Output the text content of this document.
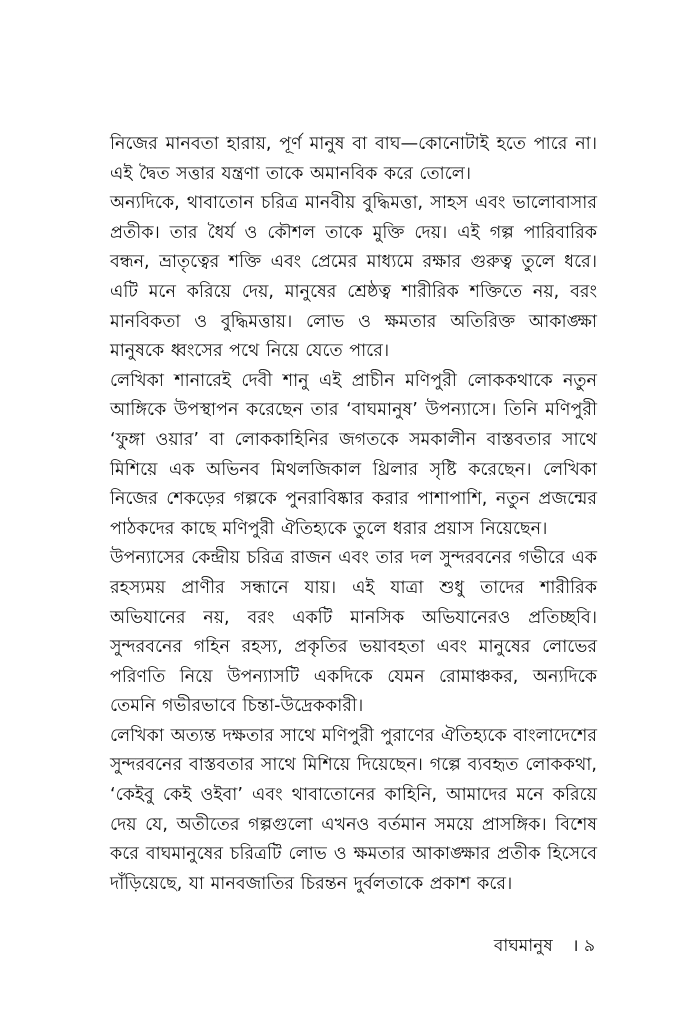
নিজের মানবতা হারায়, পূর্ণ মানুষ বা বাঘ—কোনোটাই হতে পারে না। এই দ্বৈত সত্তার যন্ত্রণা তাকে অমানবিক করে তোলে।

অন্যদিকে, থাবাতোন চরিত্র মানবীয় বুদ্ধিমত্তা, সাহস এবং ভালোবাসার প্রতীক। তার ধৈর্য ও কৌশল তাকে মুক্তি দেয়। এই গল্প পারিবারিক বন্ধন, ভ্রাতৃত্বের শক্তি এবং প্রেমের মাধ্যমে রক্ষার গুরুত্ব তুলে ধরে। এটি মনে করিয়ে দেয়, মানুষের শ্রেষ্ঠত্ব শারীরিক শক্তিতে নয়, বরং মানবিকতা ও বুদ্ধিমত্তায়। লোভ ও ক্ষমতার অতিরিক্ত আকাঙ্ক্ষা মানুষকে ধ্বংসের পথে নিয়ে যেতে পারে।

লেখিকা শানারেই দেবী শানু এই প্রাচীন মণিপুরী লোককথাকে নতুন আঙ্গিকে উপস্থাপন করেছেন তার ‘বাঘমানুষ’ উপন্যাসে। তিনি মণিপুরী ‘ফুঙ্গা ওয়ার’ বা লোককাহিনির জগতকে সমকালীন বাস্তবতার সাথে মিশিয়ে এক অভিনব মিথলজিকাল থ্রিলার সৃষ্টি করেছেন। লেখিকা নিজের শেকড়ের গল্পকে পুনরাবিষ্কার করার পাশাপাশি, নতুন প্রজন্মের পাঠকদের কাছে মণিপুরী ঐতিহ্যকে তুলে ধরার প্রয়াস নিয়েছেন।

উপন্যাসের কেন্দ্রীয় চরিত্র রাজন এবং তার দল সুন্দরবনের গভীরে এক রহস্যময় প্রাণীর সন্ধানে যায়। এই যাত্রা শুধু তাদের শারীরিক অভিযানের নয়, বরং একটি মানসিক অভিযানেরও প্রতিচ্ছবি। সুন্দরবনের গহিন রহস্য, প্রকৃতির ভয়াবহতা এবং মানুষের লোভের পরিণতি নিয়ে উপন্যাসটি একদিকে যেমন রোমাঞ্চকর, অন্যদিকে তেমনি গভীরভাবে চিন্তা-উদ্রেককারী।

লেখিকা অত্যন্ত দক্ষতার সাথে মণিপুরী পুরাণের ঐতিহ্যকে বাংলাদেশের সুন্দরবনের বাস্তবতার সাথে মিশিয়ে দিয়েছেন। গল্পে ব্যবহৃত লোককথা, ‘কেইবু কেই ওইবা’ এবং থাবাতোনের কাহিনি, আমাদের মনে করিয়ে দেয় যে, অতীতের গল্পগুলো এখনও বর্তমান সময়ে প্রাসঙ্গিক। বিশেষ করে বাঘমানুষের চরিত্রটি লোভ ও ক্ষমতার আকাঙ্ক্ষার প্রতীক হিসেবে দাঁড়িয়েছে, যা মানবজাতির চিরন্তন দুর্বলতাকে প্রকাশ করে।

বাঘমানুষ । ৯
